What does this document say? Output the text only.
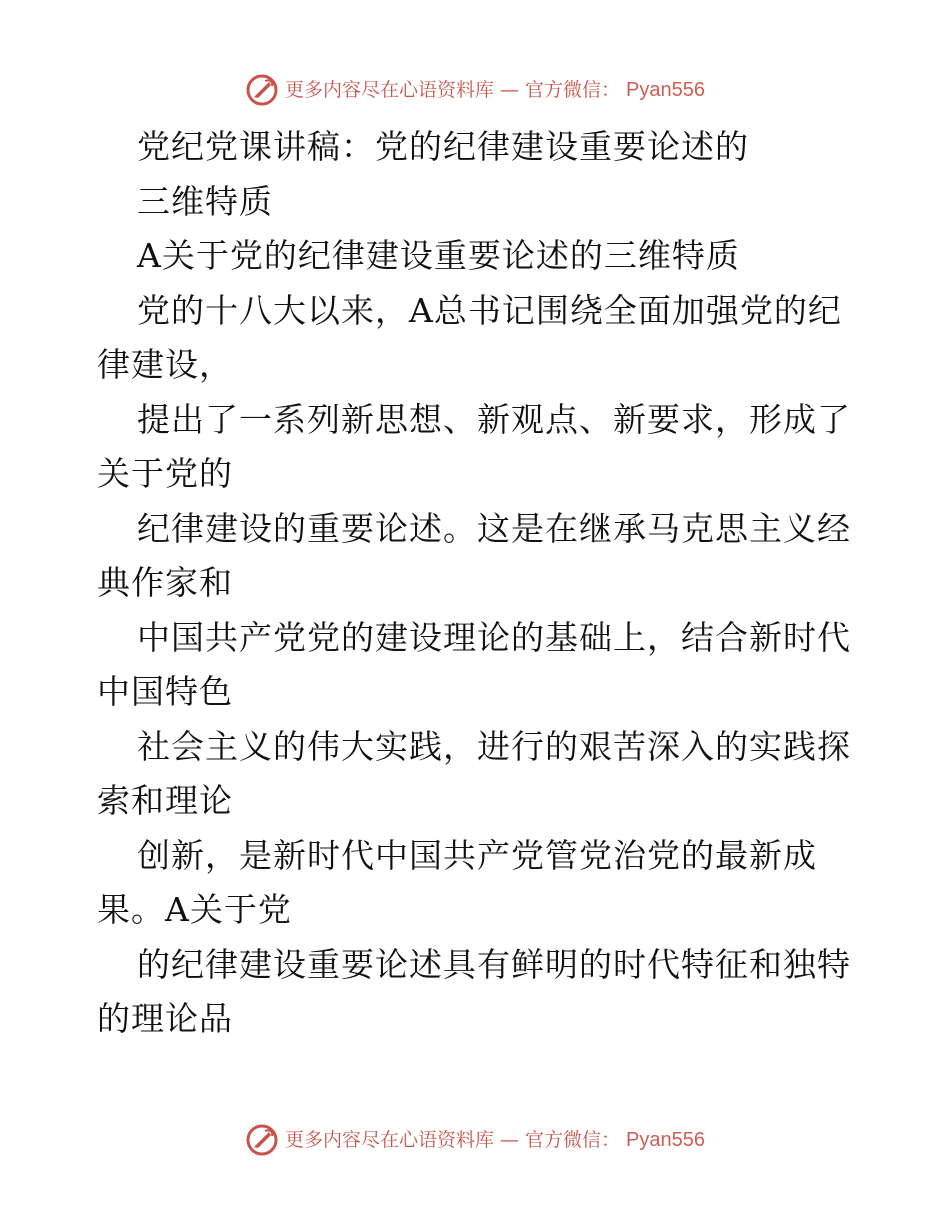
更多内容尽在心语资料库 — 官方微信： Pyan556
党纪党课讲稿：党的纪律建设重要论述的
三维特质
A关于党的纪律建设重要论述的三维特质
党的十八大以来，A总书记围绕全面加强党的纪
律建设，
提出了一系列新思想、新观点、新要求，形成了
关于党的
纪律建设的重要论述。这是在继承马克思主义经
典作家和
中国共产党党的建设理论的基础上，结合新时代
中国特色
社会主义的伟大实践，进行的艰苦深入的实践探
索和理论
创新，是新时代中国共产党管党治党的最新成
果。A关于党
的纪律建设重要论述具有鲜明的时代特征和独特
的理论品
更多内容尽在心语资料库 — 官方微信： Pyan556
